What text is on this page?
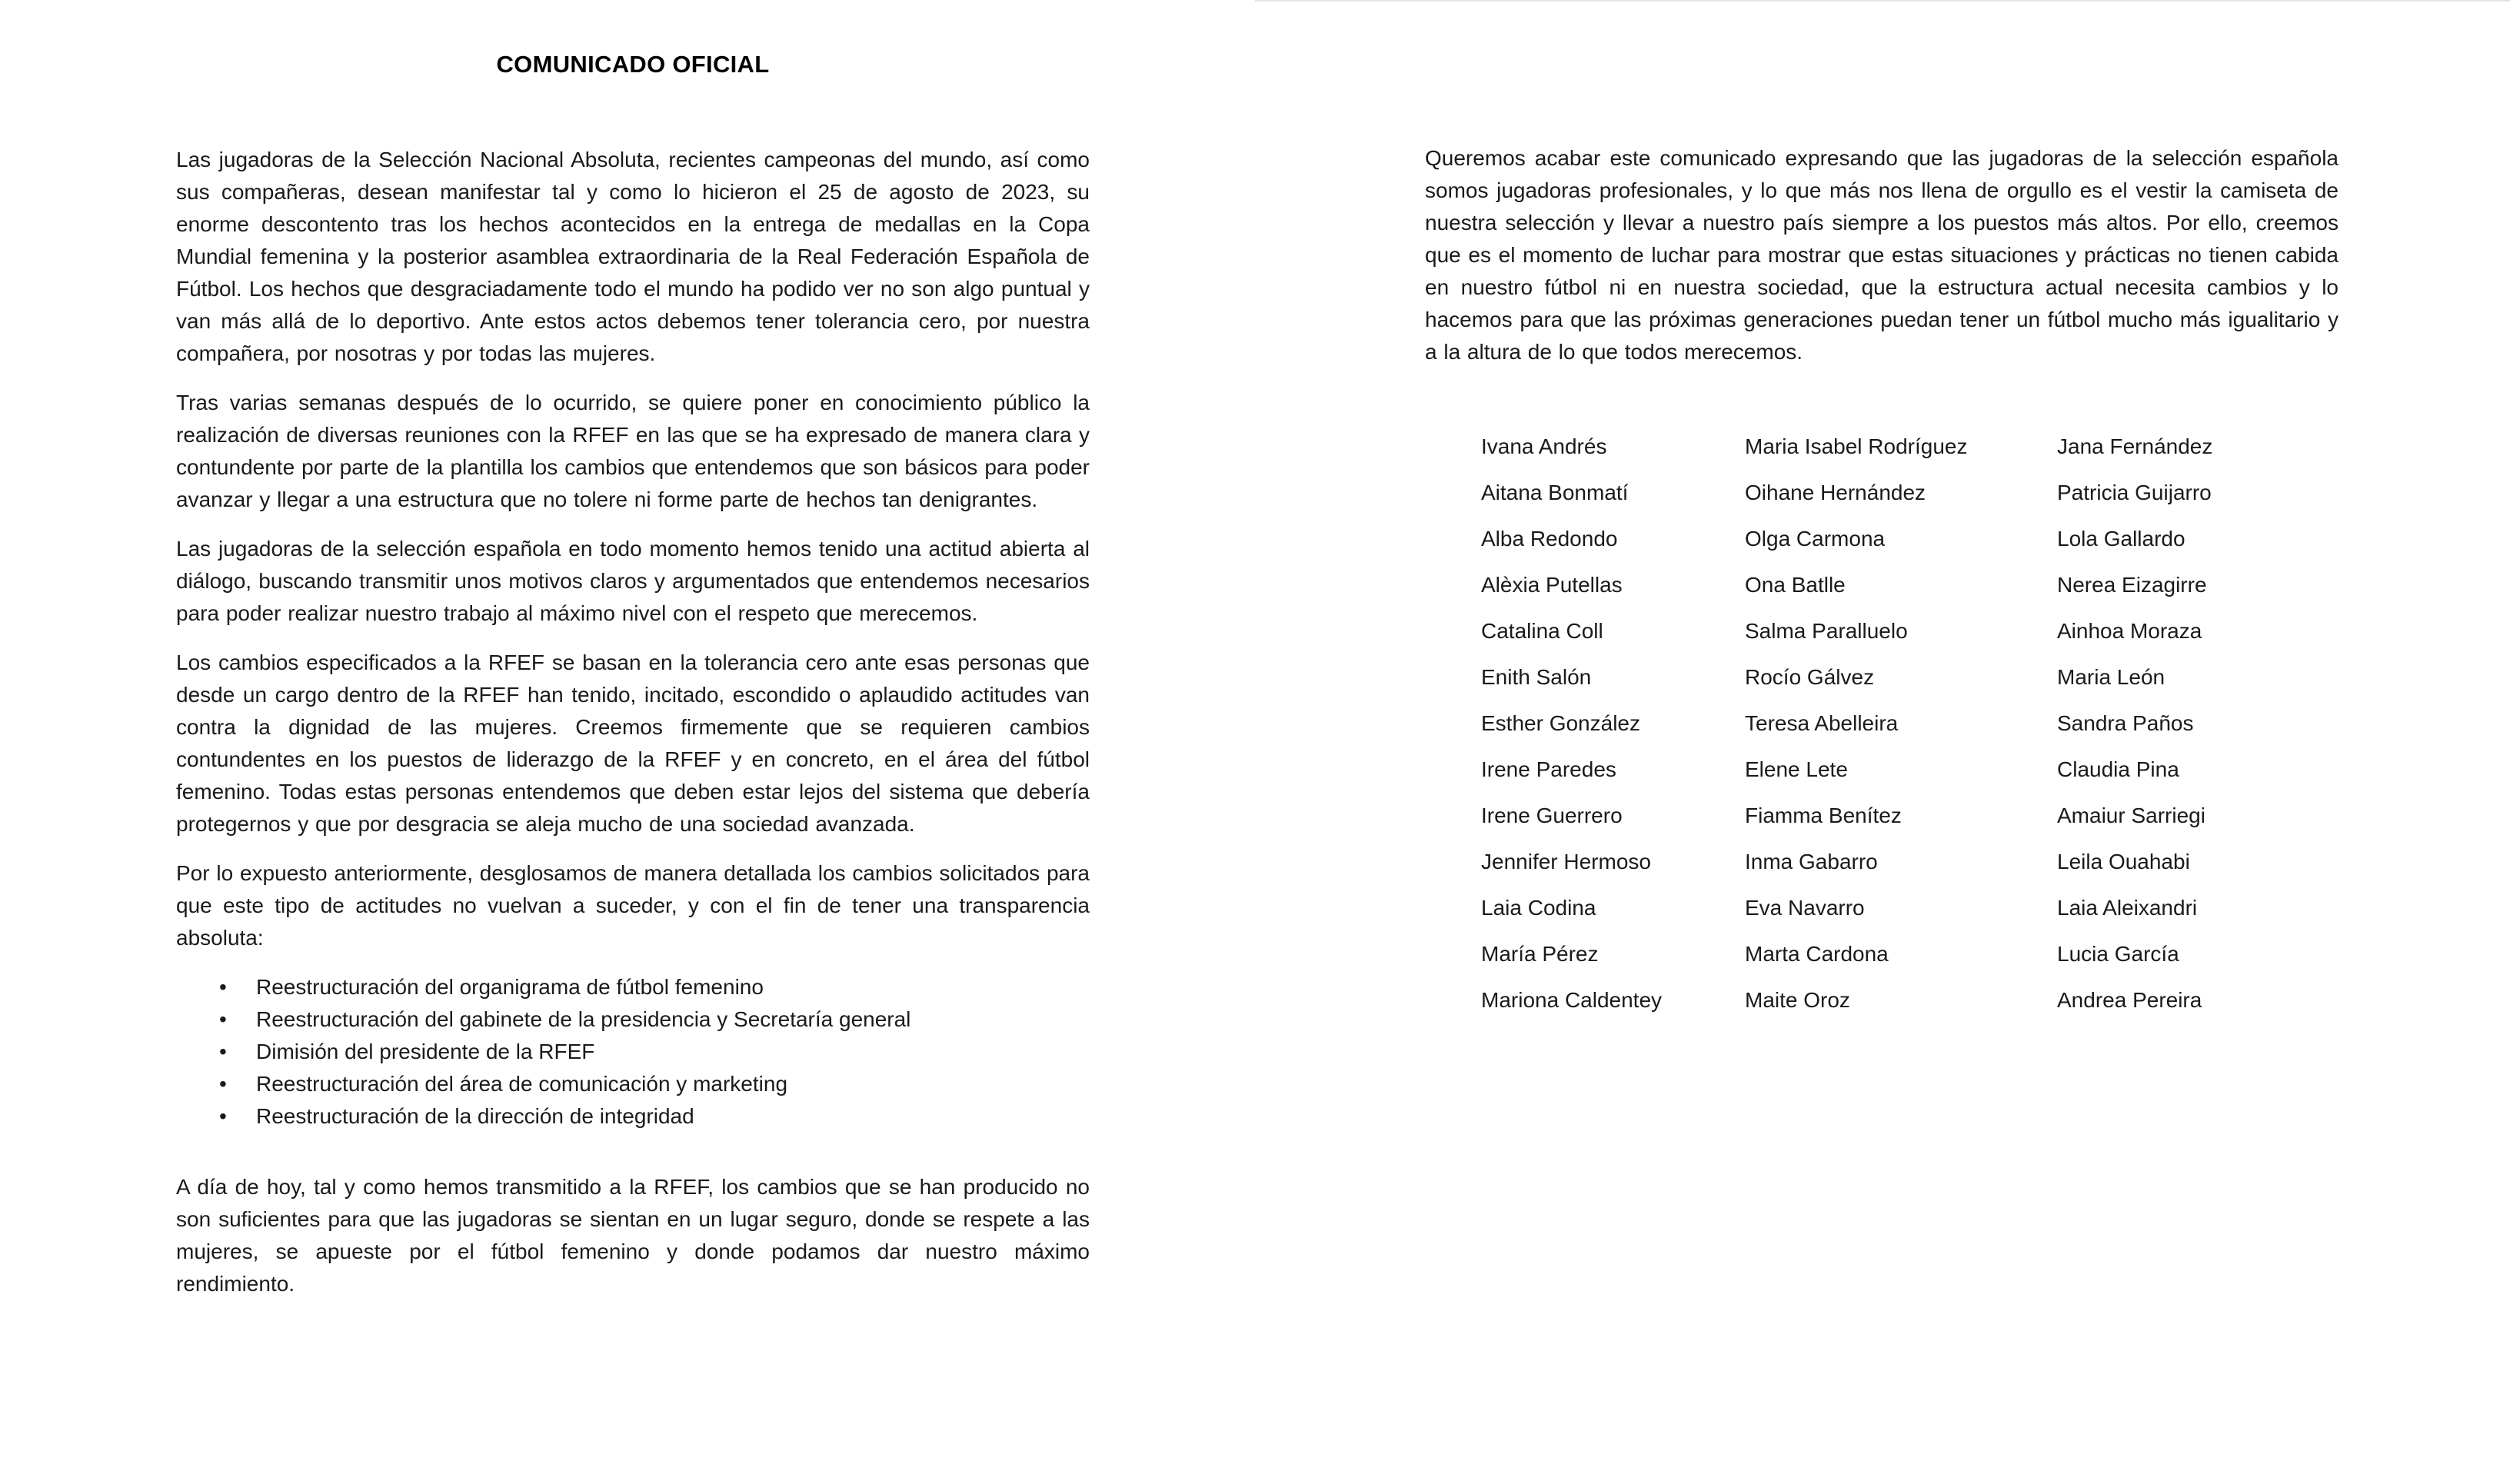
COMUNICADO OFICIAL

Las jugadoras de la Selección Nacional Absoluta, recientes campeonas del mundo, así como sus compañeras, desean manifestar tal y como lo hicieron el 25 de agosto de 2023, su enorme descontento tras los hechos acontecidos en la entrega de medallas en la Copa Mundial femenina y la posterior asamblea extraordinaria de la Real Federación Española de Fútbol. Los hechos que desgraciadamente todo el mundo ha podido ver no son algo puntual y van más allá de lo deportivo. Ante estos actos debemos tener tolerancia cero, por nuestra compañera, por nosotras y por todas las mujeres.

Tras varias semanas después de lo ocurrido, se quiere poner en conocimiento público la realización de diversas reuniones con la RFEF en las que se ha expresado de manera clara y contundente por parte de la plantilla los cambios que entendemos que son básicos para poder avanzar y llegar a una estructura que no tolere ni forme parte de hechos tan denigrantes.

Las jugadoras de la selección española en todo momento hemos tenido una actitud abierta al diálogo, buscando transmitir unos motivos claros y argumentados que entendemos necesarios para poder realizar nuestro trabajo al máximo nivel con el respeto que merecemos.

Los cambios especificados a la RFEF se basan en la tolerancia cero ante esas personas que desde un cargo dentro de la RFEF han tenido, incitado, escondido o aplaudido actitudes van contra la dignidad de las mujeres. Creemos firmemente que se requieren cambios contundentes en los puestos de liderazgo de la RFEF y en concreto, en el área del fútbol femenino. Todas estas personas entendemos que deben estar lejos del sistema que debería protegernos y que por desgracia se aleja mucho de una sociedad avanzada.

Por lo expuesto anteriormente, desglosamos de manera detallada los cambios solicitados para que este tipo de actitudes no vuelvan a suceder, y con el fin de tener una transparencia absoluta:

•	Reestructuración del organigrama de fútbol femenino
•	Reestructuración del gabinete de la presidencia y Secretaría general
•	Dimisión del presidente de la RFEF
•	Reestructuración del área de comunicación y marketing
•	Reestructuración de la dirección de integridad

A día de hoy, tal y como hemos transmitido a la RFEF, los cambios que se han producido no son suficientes para que las jugadoras se sientan en un lugar seguro, donde se respete a las mujeres, se apueste por el fútbol femenino y donde podamos dar nuestro máximo rendimiento.

Queremos acabar este comunicado expresando que las jugadoras de la selección española somos jugadoras profesionales, y lo que más nos llena de orgullo es el vestir la camiseta de nuestra selección y llevar a nuestro país siempre a los puestos más altos. Por ello, creemos que es el momento de luchar para mostrar que estas situaciones y prácticas no tienen cabida en nuestro fútbol ni en nuestra sociedad, que la estructura actual necesita cambios y lo hacemos para que las próximas generaciones puedan tener un fútbol mucho más igualitario y a la altura de lo que todos merecemos.

Ivana Andrés	Maria Isabel Rodríguez	Jana Fernández
Aitana Bonmatí	Oihane Hernández	Patricia Guijarro
Alba Redondo	Olga Carmona	Lola Gallardo
Alèxia Putellas	Ona Batlle	Nerea Eizagirre
Catalina Coll	Salma Paralluelo	Ainhoa Moraza
Enith Salón	Rocío Gálvez	Maria León
Esther González	Teresa Abelleira	Sandra Paños
Irene Paredes	Elene Lete	Claudia Pina
Irene Guerrero	Fiamma Benítez	Amaiur Sarriegi
Jennifer Hermoso	Inma Gabarro	Leila Ouahabi
Laia Codina	Eva Navarro	Laia Aleixandri
María Pérez	Marta Cardona	Lucia García
Mariona Caldentey	Maite Oroz	Andrea Pereira
